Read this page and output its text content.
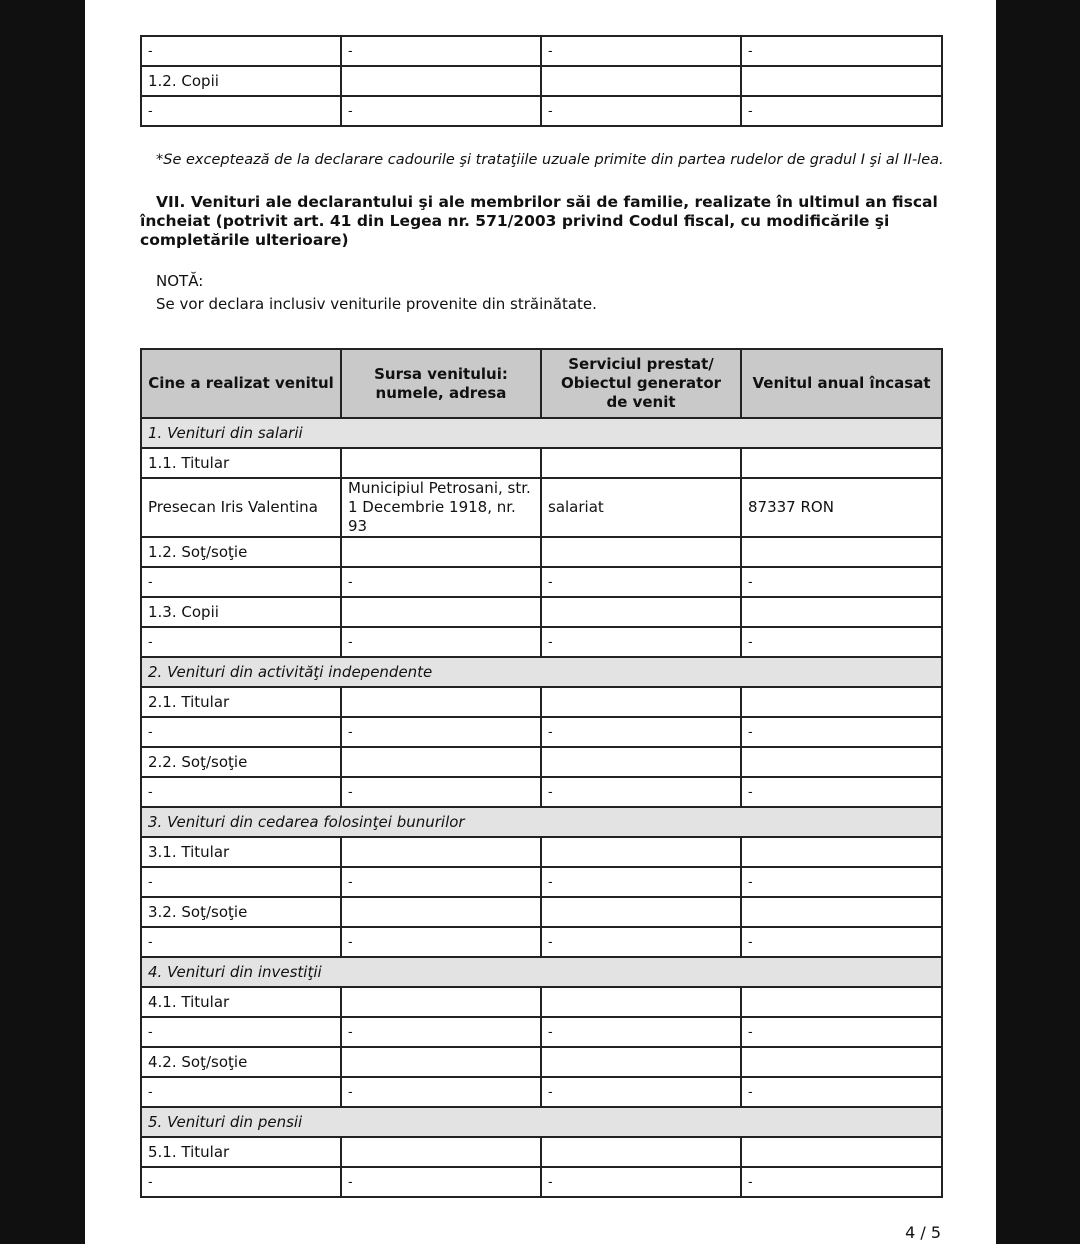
-	-	-	-
1.2. Copii			
-	-	-	-
*Se exceptează de la declarare cadourile şi trataţiile uzuale primite din partea rudelor de gradul I şi al II-lea.
VII. Venituri ale declarantului şi ale membrilor săi de familie, realizate în ultimul an fiscal încheiat (potrivit art. 41 din Legea nr. 571/2003 privind Codul fiscal, cu modificările şi completările ulterioare)
NOTĂ:
Se vor declara inclusiv veniturile provenite din străinătate.
Cine a realizat venitul	Sursa venitului: numele, adresa	Serviciul prestat/ Obiectul generator de venit	Venitul anual încasat
1. Venituri din salarii			
1.1. Titular			
Presecan Iris Valentina	Municipiul Petrosani, str. 1 Decembrie 1918, nr. 93	salariat	87337 RON
1.2. Soţ/soţie			
-	-	-	-
1.3. Copii			
-	-	-	-
2. Venituri din activităţi independente			
2.1. Titular			
-	-	-	-
2.2. Soţ/soţie			
-	-	-	-
3. Venituri din cedarea folosinţei bunurilor			
3.1. Titular			
-	-	-	-
3.2. Soţ/soţie			
-	-	-	-
4. Venituri din investiţii			
4.1. Titular			
-	-	-	-
4.2. Soţ/soţie			
-	-	-	-
5. Venituri din pensii			
5.1. Titular			
-	-	-	-
4 / 5
